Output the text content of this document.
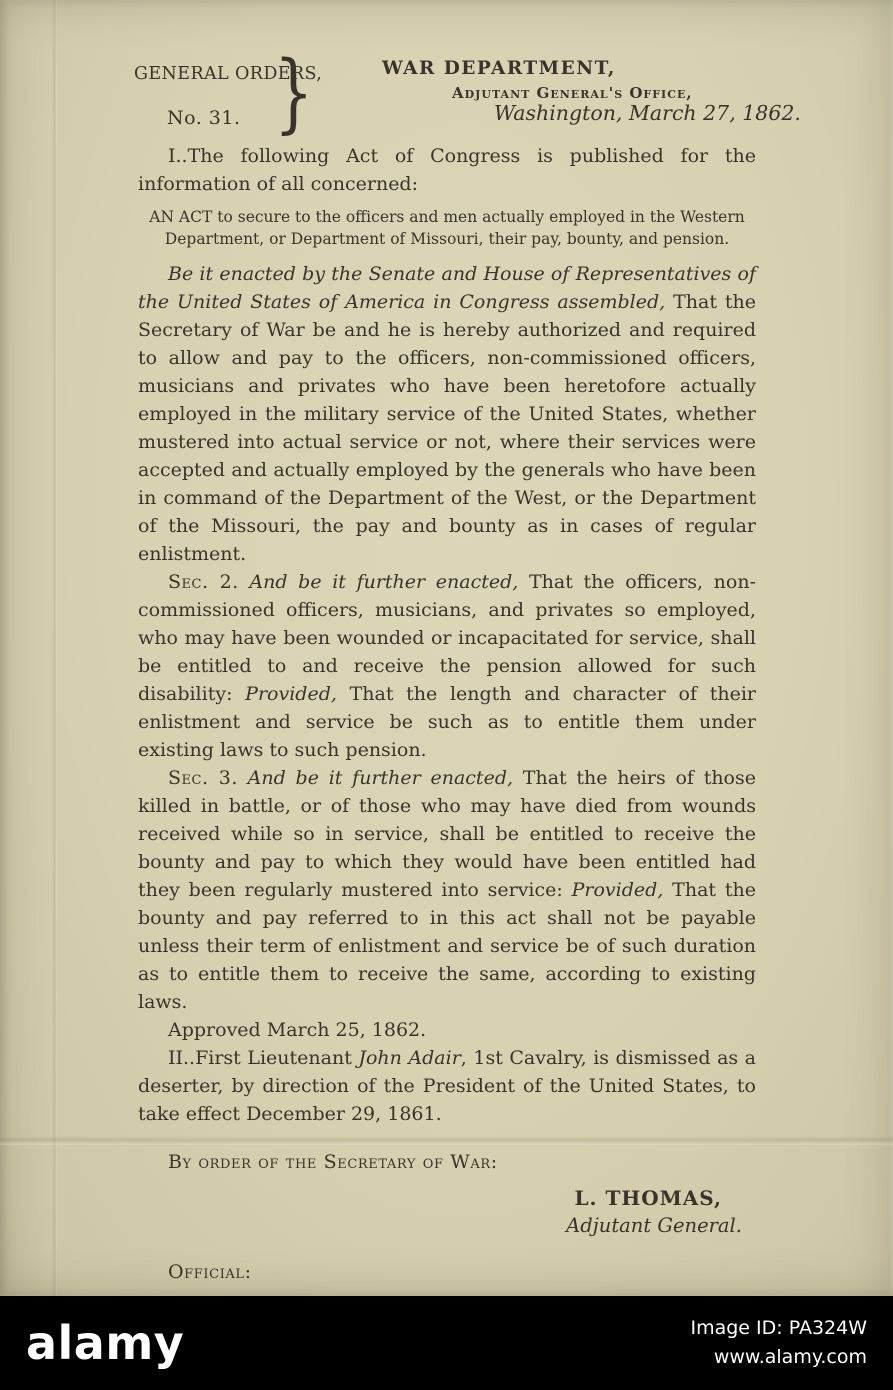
GENERAL ORDERS,
No. 31. }	WAR DEPARTMENT,
Adjutant General's Office,
Washington, March 27, 1862.

I..The following Act of Congress is published for the information of all concerned:

AN ACT to secure to the officers and men actually employed in the Western Department, or Department of Missouri, their pay, bounty, and pension.

Be it enacted by the Senate and House of Representatives of the United States of America in Congress assembled, That the Secretary of War be and he is hereby authorized and required to allow and pay to the officers, non-commissioned officers, musicians and privates who have been heretofore actually employed in the military service of the United States, whether mustered into actual service or not, where their services were accepted and actually employed by the generals who have been in command of the Department of the West, or the Department of the Missouri, the pay and bounty as in cases of regular enlistment.

Sec. 2. And be it further enacted, That the officers, non-commissioned officers, musicians, and privates so employed, who may have been wounded or incapacitated for service, shall be entitled to and receive the pension allowed for such disability: Provided, That the length and character of their enlistment and service be such as to entitle them under existing laws to such pension.

Sec. 3. And be it further enacted, That the heirs of those killed in battle, or of those who may have died from wounds received while so in service, shall be entitled to receive the bounty and pay to which they would have been entitled had they been regularly mustered into service: Provided, That the bounty and pay referred to in this act shall not be payable unless their term of enlistment and service be of such duration as to entitle them to receive the same, according to existing laws.

Approved March 25, 1862.

II..First Lieutenant John Adair, 1st Cavalry, is dismissed as a deserter, by direction of the President of the United States, to take effect December 29, 1861.

By order of the Secretary of War:

L. THOMAS,
Adjutant General.

Official:

alamy	Image ID: PA324W
www.alamy.com
